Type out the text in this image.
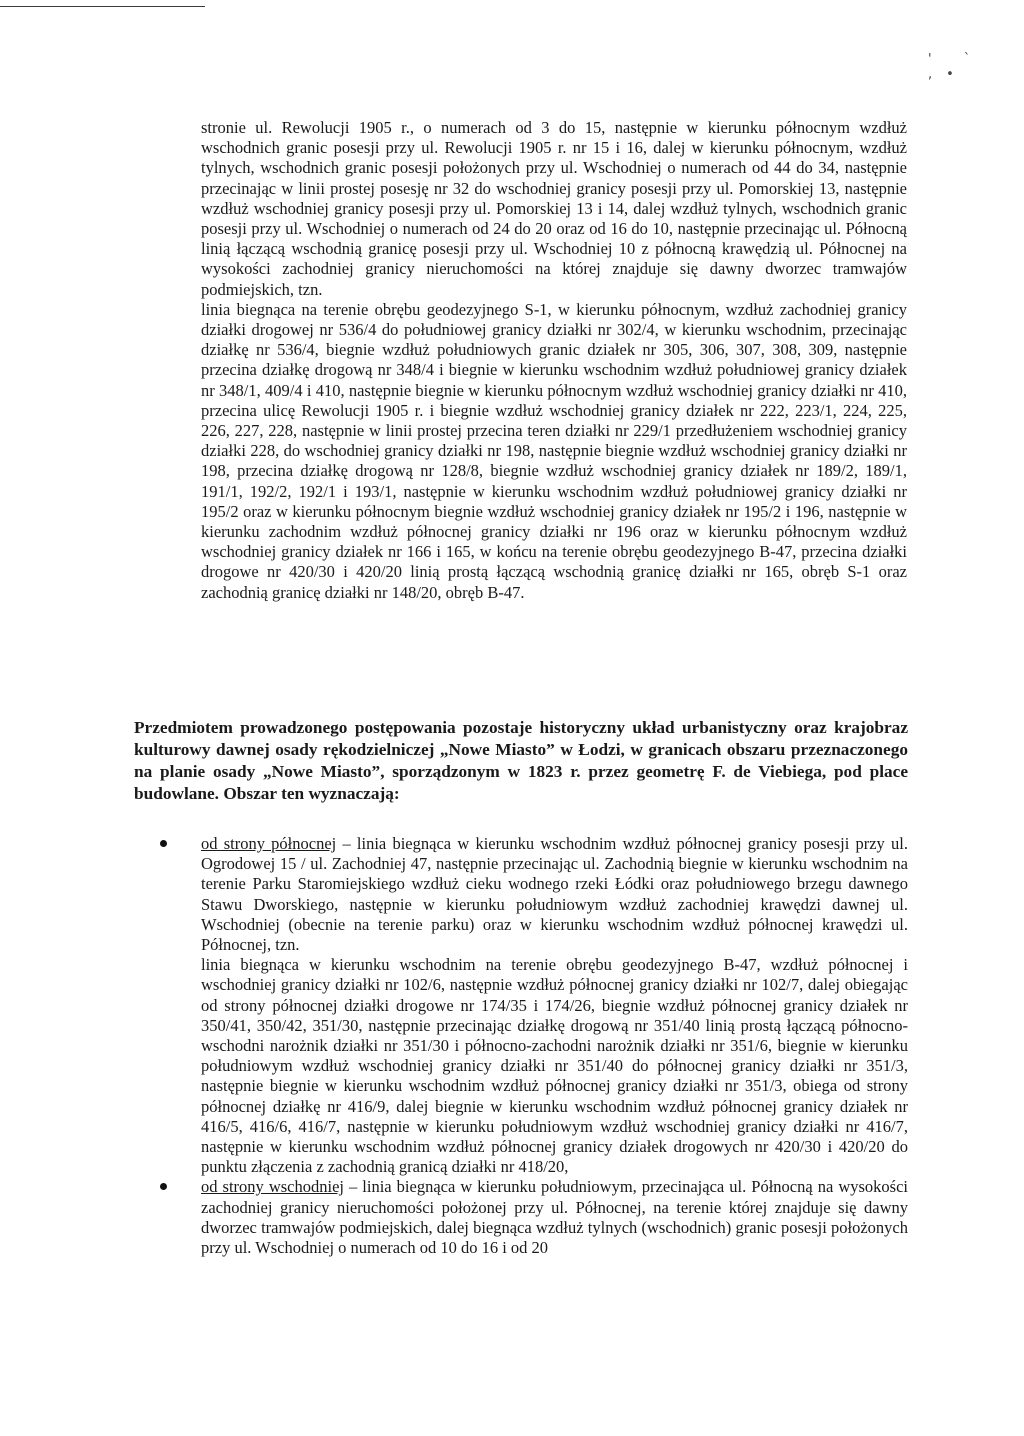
' ` ,•

stronie ul. Rewolucji 1905 r., o numerach od 3 do 15, następnie w kierunku północnym wzdłuż wschodnich granic posesji przy ul. Rewolucji 1905 r. nr 15 i 16, dalej w kierunku północnym, wzdłuż tylnych, wschodnich granic posesji położonych przy ul. Wschodniej o numerach od 44 do 34, następnie przecinając w linii prostej posesję nr 32 do wschodniej granicy posesji przy ul. Pomorskiej 13, następnie wzdłuż wschodniej granicy posesji przy ul. Pomorskiej 13 i 14, dalej wzdłuż tylnych, wschodnich granic posesji przy ul. Wschodniej o numerach od 24 do 20 oraz od 16 do 10, następnie przecinając ul. Północną linią łączącą wschodnią granicę posesji przy ul. Wschodniej 10 z północną krawędzią ul. Północnej na wysokości zachodniej granicy nieruchomości na której znajduje się dawny dworzec tramwajów podmiejskich, tzn.

linia biegnąca na terenie obrębu geodezyjnego S-1, w kierunku północnym, wzdłuż zachodniej granicy działki drogowej nr 536/4 do południowej granicy działki nr 302/4, w kierunku wschodnim, przecinając działkę nr 536/4, biegnie wzdłuż południowych granic działek nr 305, 306, 307, 308, 309, następnie przecina działkę drogową nr 348/4 i biegnie w kierunku wschodnim wzdłuż południowej granicy działek nr 348/1, 409/4 i 410, następnie biegnie w kierunku północnym wzdłuż wschodniej granicy działki nr 410, przecina ulicę Rewolucji 1905 r. i biegnie wzdłuż wschodniej granicy działek nr 222, 223/1, 224, 225, 226, 227, 228, następnie w linii prostej przecina teren działki nr 229/1 przedłużeniem wschodniej granicy działki 228, do wschodniej granicy działki nr 198, następnie biegnie wzdłuż wschodniej granicy działki nr 198, przecina działkę drogową nr 128/8, biegnie wzdłuż wschodniej granicy działek nr 189/2, 189/1, 191/1, 192/2, 192/1 i 193/1, następnie w kierunku wschodnim wzdłuż południowej granicy działki nr 195/2 oraz w kierunku północnym biegnie wzdłuż wschodniej granicy działek nr 195/2 i 196, następnie w kierunku zachodnim wzdłuż północnej granicy działki nr 196 oraz w kierunku północnym wzdłuż wschodniej granicy działek nr 166 i 165, w końcu na terenie obrębu geodezyjnego B-47, przecina działki drogowe nr 420/30 i 420/20 linią prostą łączącą wschodnią granicę działki nr 165, obręb S-1 oraz zachodnią granicę działki nr 148/20, obręb B-47.

Przedmiotem prowadzonego postępowania pozostaje historyczny układ urbanistyczny oraz krajobraz kulturowy dawnej osady rękodzielniczej „Nowe Miasto” w Łodzi, w granicach obszaru przeznaczonego na planie osady „Nowe Miasto”, sporządzonym w 1823 r. przez geometrę F. de Viebiega, pod place budowlane. Obszar ten wyznaczają:

od strony północnej – linia biegnąca w kierunku wschodnim wzdłuż północnej granicy posesji przy ul. Ogrodowej 15 / ul. Zachodniej 47, następnie przecinając ul. Zachodnią biegnie w kierunku wschodnim na terenie Parku Staromiejskiego wzdłuż cieku wodnego rzeki Łódki oraz południowego brzegu dawnego Stawu Dworskiego, następnie w kierunku południowym wzdłuż zachodniej krawędzi dawnej ul. Wschodniej (obecnie na terenie parku) oraz w kierunku wschodnim wzdłuż północnej krawędzi ul. Północnej, tzn.

linia biegnąca w kierunku wschodnim na terenie obrębu geodezyjnego B-47, wzdłuż północnej i wschodniej granicy działki nr 102/6, następnie wzdłuż północnej granicy działki nr 102/7, dalej obiegając od strony północnej działki drogowe nr 174/35 i 174/26, biegnie wzdłuż północnej granicy działek nr 350/41, 350/42, 351/30, następnie przecinając działkę drogową nr 351/40 linią prostą łączącą północno-wschodni narożnik działki nr 351/30 i północno-zachodni narożnik działki nr 351/6, biegnie w kierunku południowym wzdłuż wschodniej granicy działki nr 351/40 do północnej granicy działki nr 351/3, następnie biegnie w kierunku wschodnim wzdłuż północnej granicy działki nr 351/3, obiega od strony północnej działkę nr 416/9, dalej biegnie w kierunku wschodnim wzdłuż północnej granicy działek nr 416/5, 416/6, 416/7, następnie w kierunku południowym wzdłuż wschodniej granicy działki nr 416/7, następnie w kierunku wschodnim wzdłuż północnej granicy działek drogowych nr 420/30 i 420/20 do punktu złączenia z zachodnią granicą działki nr 418/20,

od strony wschodniej – linia biegnąca w kierunku południowym, przecinająca ul. Północną na wysokości zachodniej granicy nieruchomości położonej przy ul. Północnej, na terenie której znajduje się dawny dworzec tramwajów podmiejskich, dalej biegnąca wzdłuż tylnych (wschodnich) granic posesji położonych przy ul. Wschodniej o numerach od 10 do 16 i od 20
